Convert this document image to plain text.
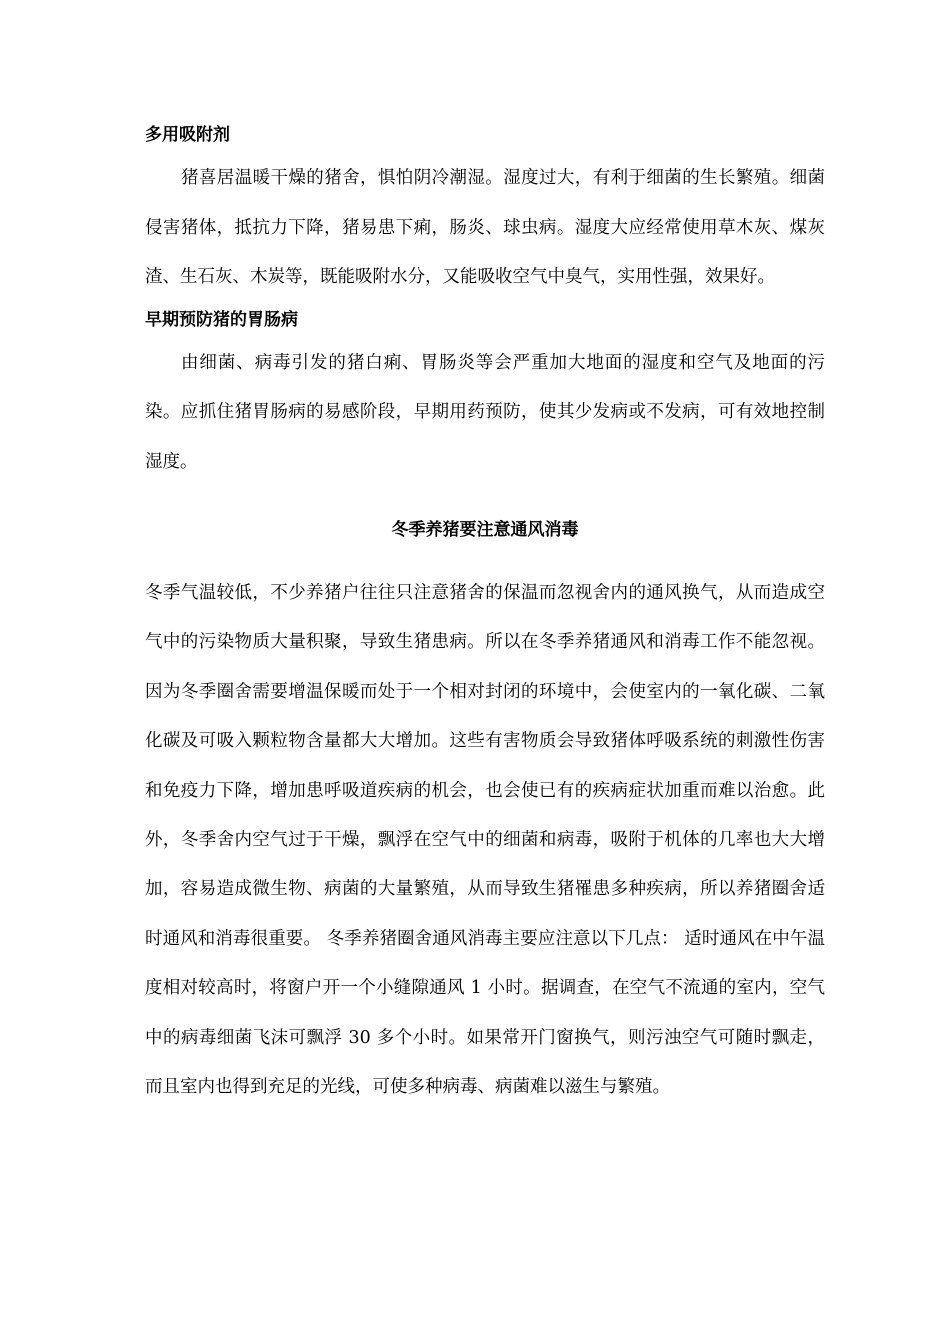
多用吸附剂

猪喜居温暖干燥的猪舍，惧怕阴冷潮湿。湿度过大，有利于细菌的生长繁殖。细菌侵害猪体，抵抗力下降，猪易患下痢，肠炎、球虫病。湿度大应经常使用草木灰、煤灰渣、生石灰、木炭等，既能吸附水分，又能吸收空气中臭气，实用性强，效果好。

早期预防猪的胃肠病

由细菌、病毒引发的猪白痢、胃肠炎等会严重加大地面的湿度和空气及地面的污染。应抓住猪胃肠病的易感阶段，早期用药预防，使其少发病或不发病，可有效地控制湿度。

冬季养猪要注意通风消毒

冬季气温较低，不少养猪户往往只注意猪舍的保温而忽视舍内的通风换气，从而造成空气中的污染物质大量积聚，导致生猪患病。所以在冬季养猪通风和消毒工作不能忽视。因为冬季圈舍需要增温保暖而处于一个相对封闭的环境中，会使室内的一氧化碳、二氧化碳及可吸入颗粒物含量都大大增加。这些有害物质会导致猪体呼吸系统的刺激性伤害和免疫力下降，增加患呼吸道疾病的机会，也会使已有的疾病症状加重而难以治愈。此外，冬季舍内空气过于干燥，飘浮在空气中的细菌和病毒，吸附于机体的几率也大大增加，容易造成微生物、病菌的大量繁殖，从而导致生猪罹患多种疾病，所以养猪圈舍适时通风和消毒很重要。 冬季养猪圈舍通风消毒主要应注意以下几点： 适时通风在中午温度相对较高时，将窗户开一个小缝隙通风 1 小时。据调查，在空气不流通的室内，空气中的病毒细菌飞沫可飘浮 30 多个小时。如果常开门窗换气，则污浊空气可随时飘走，而且室内也得到充足的光线，可使多种病毒、病菌难以滋生与繁殖。
